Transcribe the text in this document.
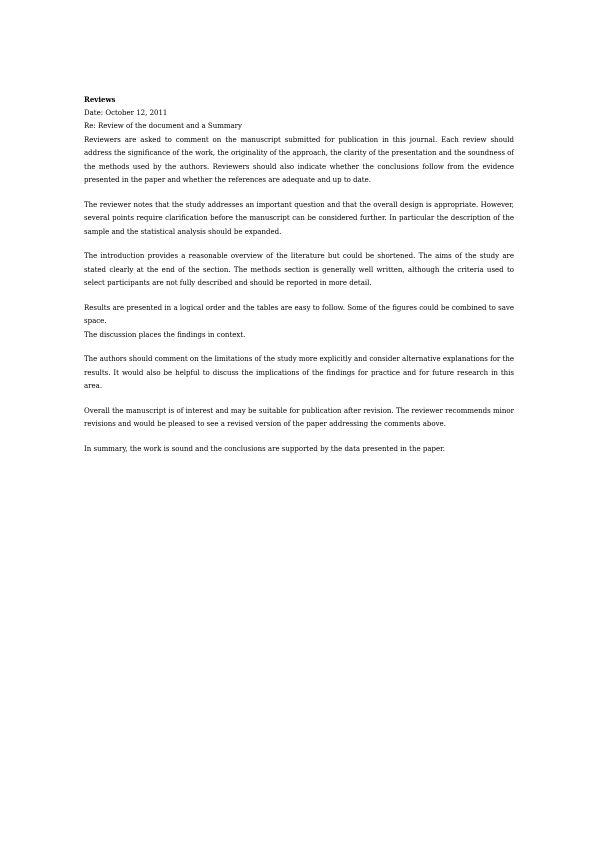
Reviews
Date: October 12, 2011
Re: Review of the document and a Summary

Reviewers are asked to comment on the manuscript submitted for publication in this journal. Each review should address the significance of the work, the originality of the approach, the clarity of the presentation and the soundness of the methods used by the authors. Reviewers should also indicate whether the conclusions follow from the evidence presented in the paper and whether the references are adequate and up to date.

The reviewer notes that the study addresses an important question and that the overall design is appropriate. However, several points require clarification before the manuscript can be considered further. In particular the description of the sample and the statistical analysis should be expanded.

The introduction provides a reasonable overview of the literature but could be shortened. The aims of the study are stated clearly at the end of the section. The methods section is generally well written, although the criteria used to select participants are not fully described and should be reported in more detail.

Results are presented in a logical order and the tables are easy to follow. Some of the figures could be combined to save space.

The discussion places the findings in context.

The authors should comment on the limitations of the study more explicitly and consider alternative explanations for the results. It would also be helpful to discuss the implications of the findings for practice and for future research in this area.

Overall the manuscript is of interest and may be suitable for publication after revision. The reviewer recommends minor revisions and would be pleased to see a revised version of the paper addressing the comments above.

In summary, the work is sound and the conclusions are supported by the data presented in the paper.
